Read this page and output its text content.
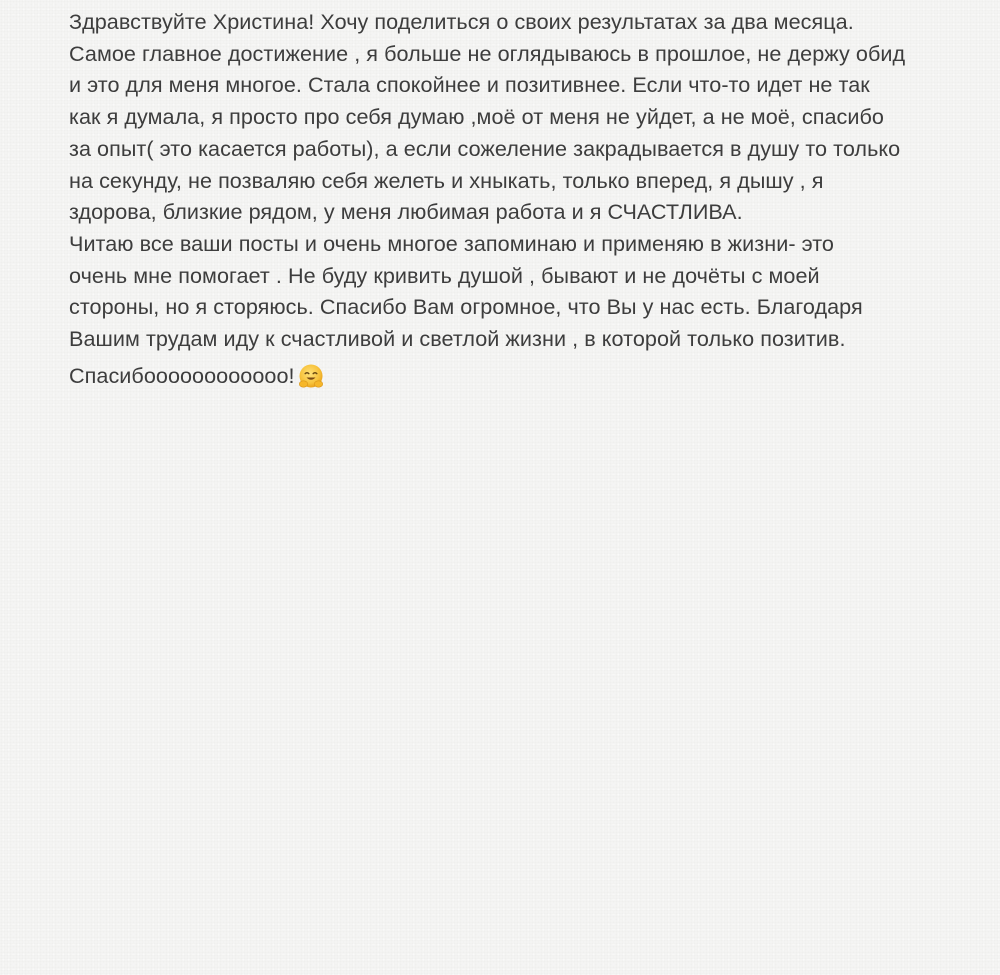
Здравствуйте Христина! Хочу поделиться о своих результатах за два месяца.
Самое главное достижение , я больше не оглядываюсь в прошлое, не держу обид
и это для меня многое. Стала спокойнее и позитивнее. Если что-то идет не так
как я думала, я просто про себя думаю ,моё от меня не уйдет, а не моё, спасибо
за опыт( это касается работы), а если сожеление закрадывается в душу то только
на секунду, не позваляю себя желеть и хныкать, только вперед, я дышу , я
здорова, близкие рядом, у меня любимая работа и я СЧАСТЛИВА.
Читаю все ваши посты и очень многое запоминаю и применяю в жизни- это
очень мне помогает . Не буду кривить душой , бывают и не дочёты с моей
стороны, но я сторяюсь. Спасибо Вам огромное, что Вы у нас есть. Благодаря
Вашим трудам иду к счастливой и светлой жизни , в которой только позитив.
Спасибоооооооооооо!
